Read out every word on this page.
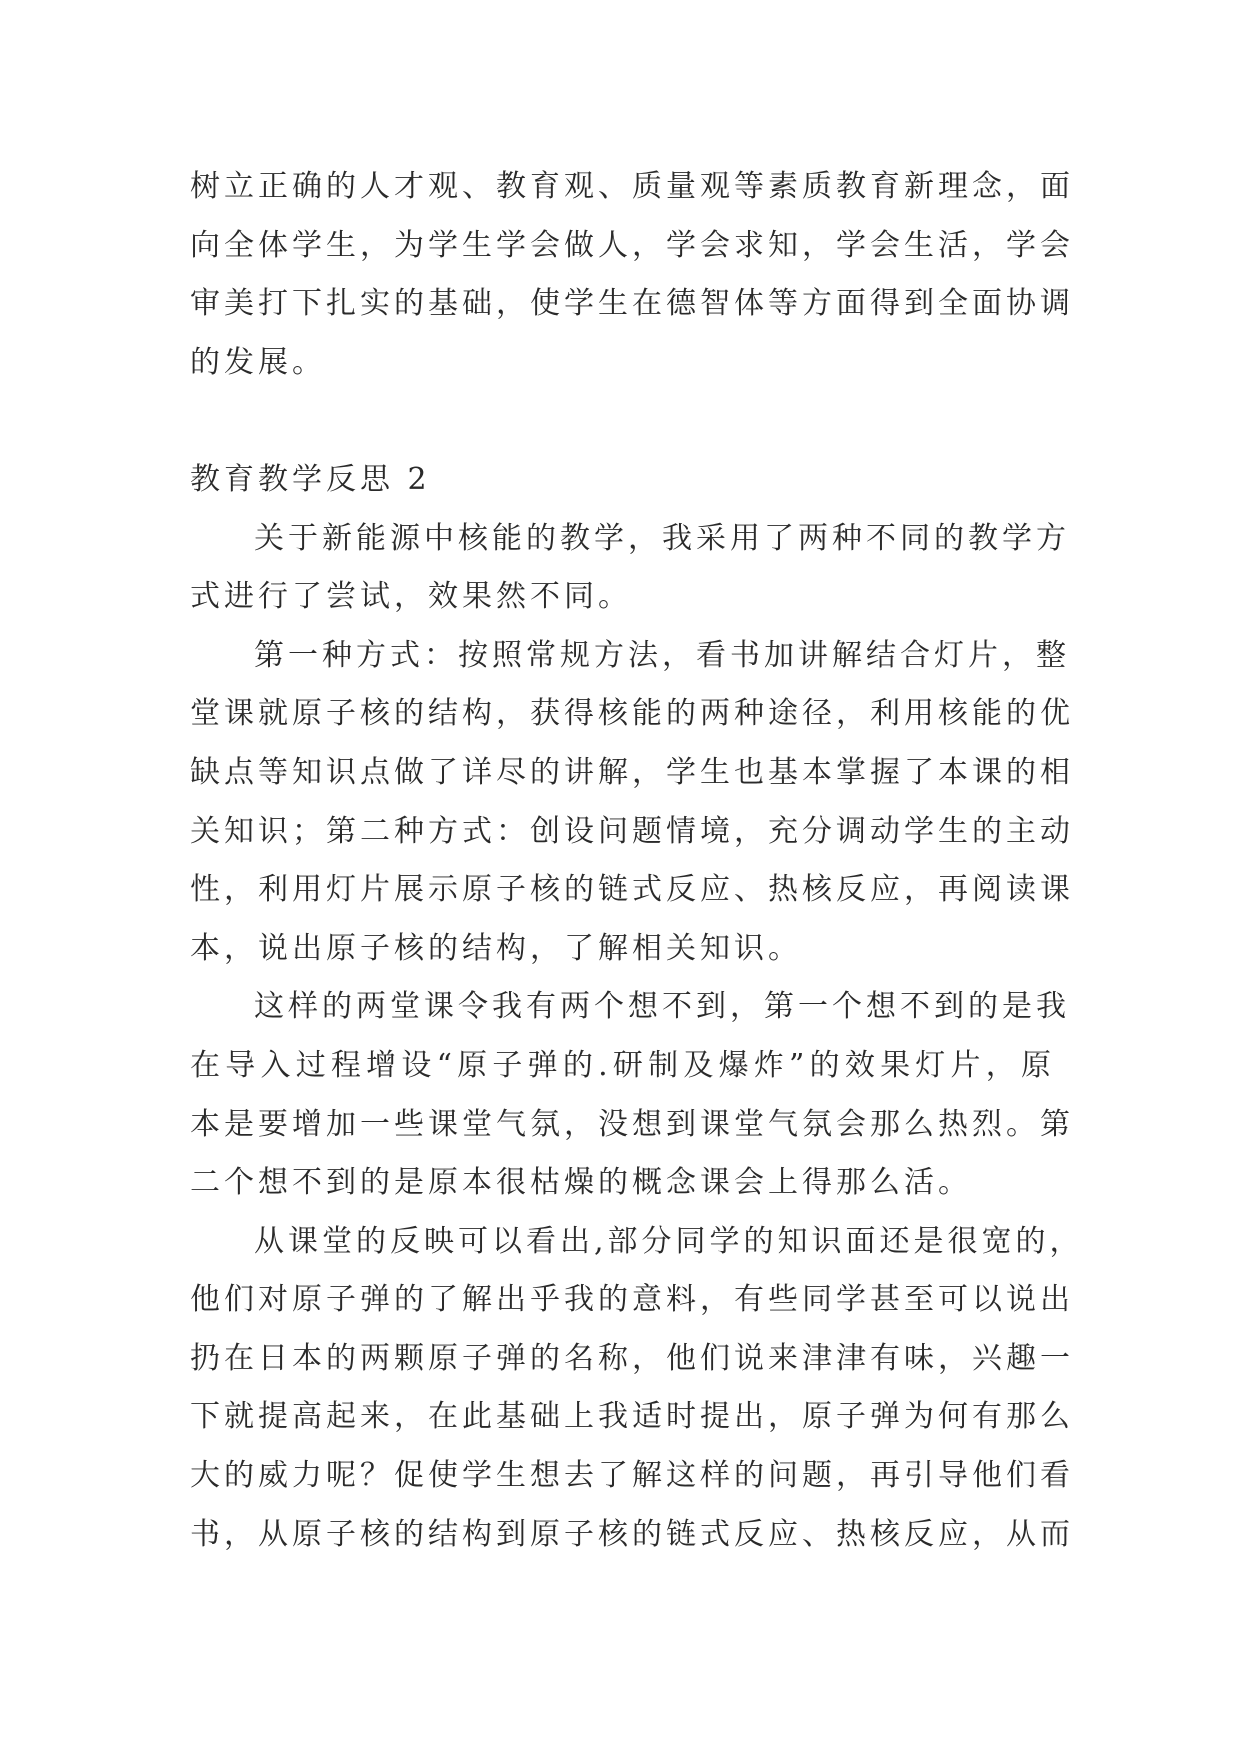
树立正确的人才观、教育观、质量观等素质教育新理念，面
向全体学生，为学生学会做人，学会求知，学会生活，学会
审美打下扎实的基础，使学生在德智体等方面得到全面协调
的发展。
教育教学反思 2
关于新能源中核能的教学，我采用了两种不同的教学方
式进行了尝试，效果然不同。
第一种方式：按照常规方法，看书加讲解结合灯片，整
堂课就原子核的结构，获得核能的两种途径，利用核能的优
缺点等知识点做了详尽的讲解，学生也基本掌握了本课的相
关知识；第二种方式：创设问题情境，充分调动学生的主动
性，利用灯片展示原子核的链式反应、热核反应，再阅读课
本，说出原子核的结构，了解相关知识。
这样的两堂课令我有两个想不到，第一个想不到的是我
在导入过程增设“原子弹的.研制及爆炸”的效果灯片，原
本是要增加一些课堂气氛，没想到课堂气氛会那么热烈。第
二个想不到的是原本很枯燥的概念课会上得那么活。
从课堂的反映可以看出,部分同学的知识面还是很宽的，
他们对原子弹的了解出乎我的意料，有些同学甚至可以说出
扔在日本的两颗原子弹的名称，他们说来津津有味，兴趣一
下就提高起来，在此基础上我适时提出，原子弹为何有那么
大的威力呢？促使学生想去了解这样的问题，再引导他们看
书，从原子核的结构到原子核的链式反应、热核反应，从而
